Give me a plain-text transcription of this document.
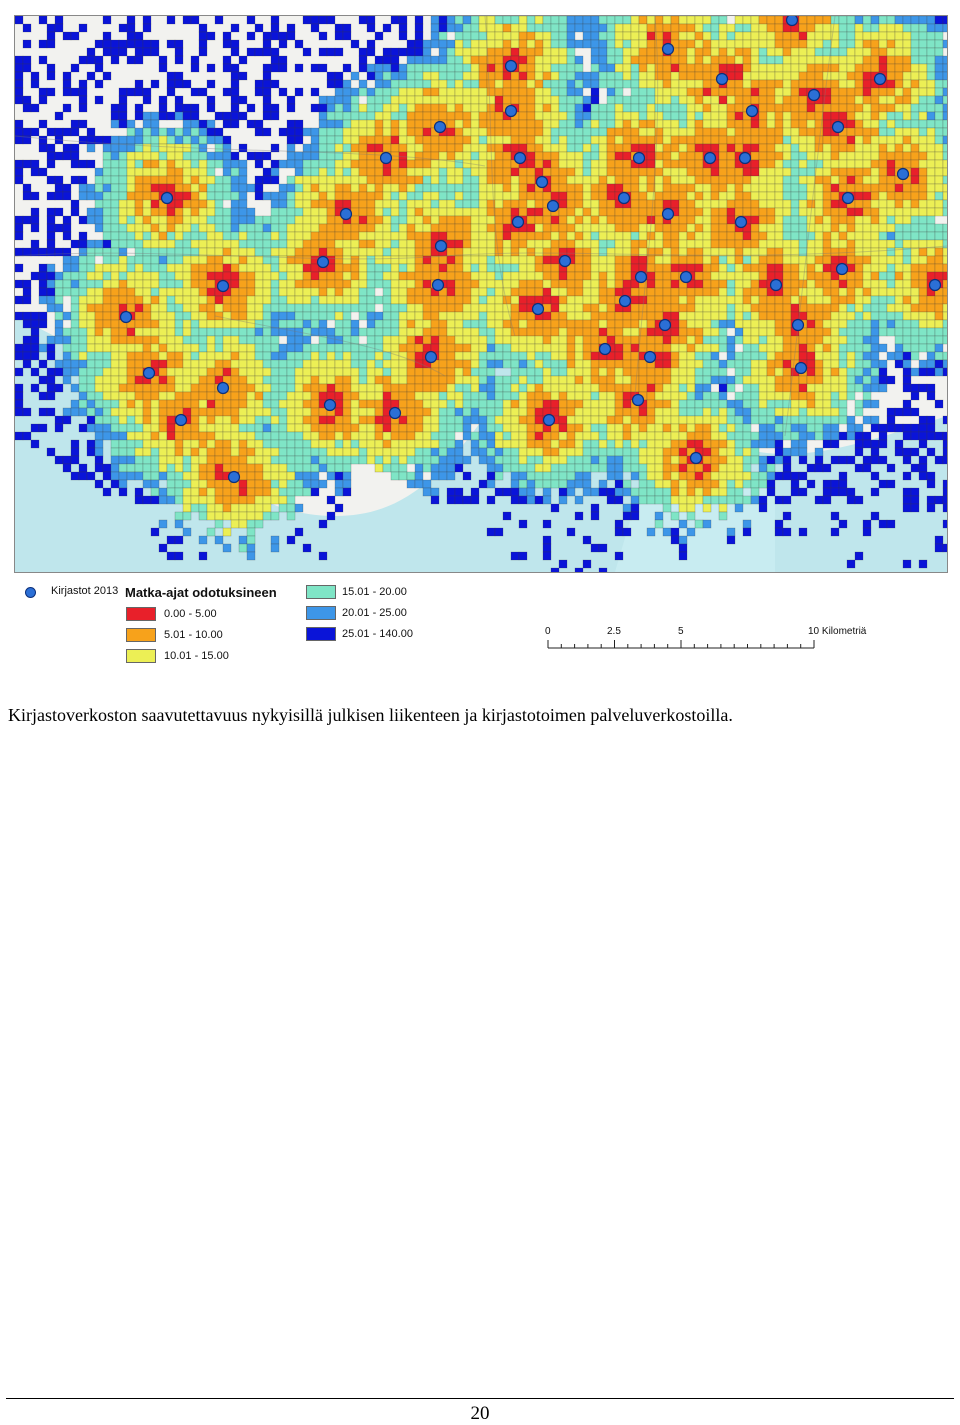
Kirjastot 2013 Matka-ajat odotuksineen
0.00 - 5.00
5.01 - 10.00
10.01 - 15.00
15.01 - 20.00
20.01 - 25.00
25.01 - 140.00	0	2.5	5	10 Kilometriä
Kirjastoverkoston saavutettavuus nykyisillä julkisen liikenteen ja kirjastotoimen palveluverkostoilla.
20
